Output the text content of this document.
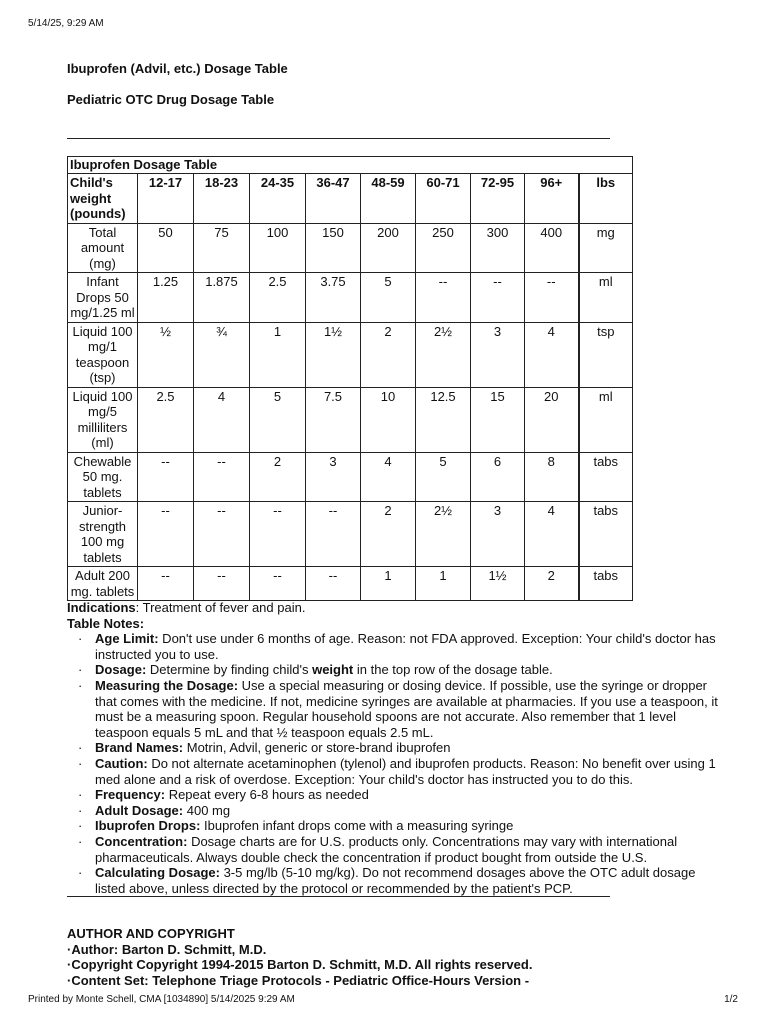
5/14/25, 9:29 AM
Ibuprofen (Advil, etc.) Dosage Table
Pediatric OTC Drug Dosage Table
Ibuprofen Dosage Table									
Child's weight (pounds)	12-17	18-23	24-35	36-47	48-59	60-71	72-95	96+	lbs
Total amount (mg)	50	75	100	150	200	250	300	400	mg
Infant Drops 50 mg/1.25 ml	1.25	1.875	2.5	3.75	5	--	--	--	ml
Liquid 100 mg/1 teaspoon (tsp)	½	¾	1	1½	2	2½	3	4	tsp
Liquid 100 mg/5 milliliters (ml)	2.5	4	5	7.5	10	12.5	15	20	ml
Chewable 50 mg. tablets	--	--	2	3	4	5	6	8	tabs
Junior-strength 100 mg tablets	--	--	--	--	2	2½	3	4	tabs
Adult 200 mg. tablets	--	--	--	--	1	1	1½	2	tabs

Indications: Treatment of fever and pain.

Table Notes:

· Age Limit: Don't use under 6 months of age. Reason: not FDA approved. Exception: Your child's doctor has instructed you to use.
· Dosage: Determine by finding child's weight in the top row of the dosage table.
· Measuring the Dosage: Use a special measuring or dosing device. If possible, use the syringe or dropper that comes with the medicine. If not, medicine syringes are available at pharmacies. If you use a teaspoon, it must be a measuring spoon. Regular household spoons are not accurate. Also remember that 1 level teaspoon equals 5 mL and that ½ teaspoon equals 2.5 mL.
· Brand Names: Motrin, Advil, generic or store-brand ibuprofen
· Caution: Do not alternate acetaminophen (tylenol) and ibuprofen products. Reason: No benefit over using 1 med alone and a risk of overdose. Exception: Your child's doctor has instructed you to do this.
· Frequency: Repeat every 6-8 hours as needed
· Adult Dosage: 400 mg
· Ibuprofen Drops: Ibuprofen infant drops come with a measuring syringe
· Concentration: Dosage charts are for U.S. products only. Concentrations may vary with international pharmaceuticals. Always double check the concentration if product bought from outside the U.S.
· Calculating Dosage: 3-5 mg/lb (5-10 mg/kg). Do not recommend dosages above the OTC adult dosage listed above, unless directed by the protocol or recommended by the patient's PCP.
AUTHOR AND COPYRIGHT
·Author: Barton D. Schmitt, M.D.
·Copyright Copyright 1994-2015 Barton D. Schmitt, M.D. All rights reserved.
·Content Set: Telephone Triage Protocols - Pediatric Office-Hours Version -
Printed by Monte Schell, CMA [1034890] 5/14/2025 9:29 AM	1/2
